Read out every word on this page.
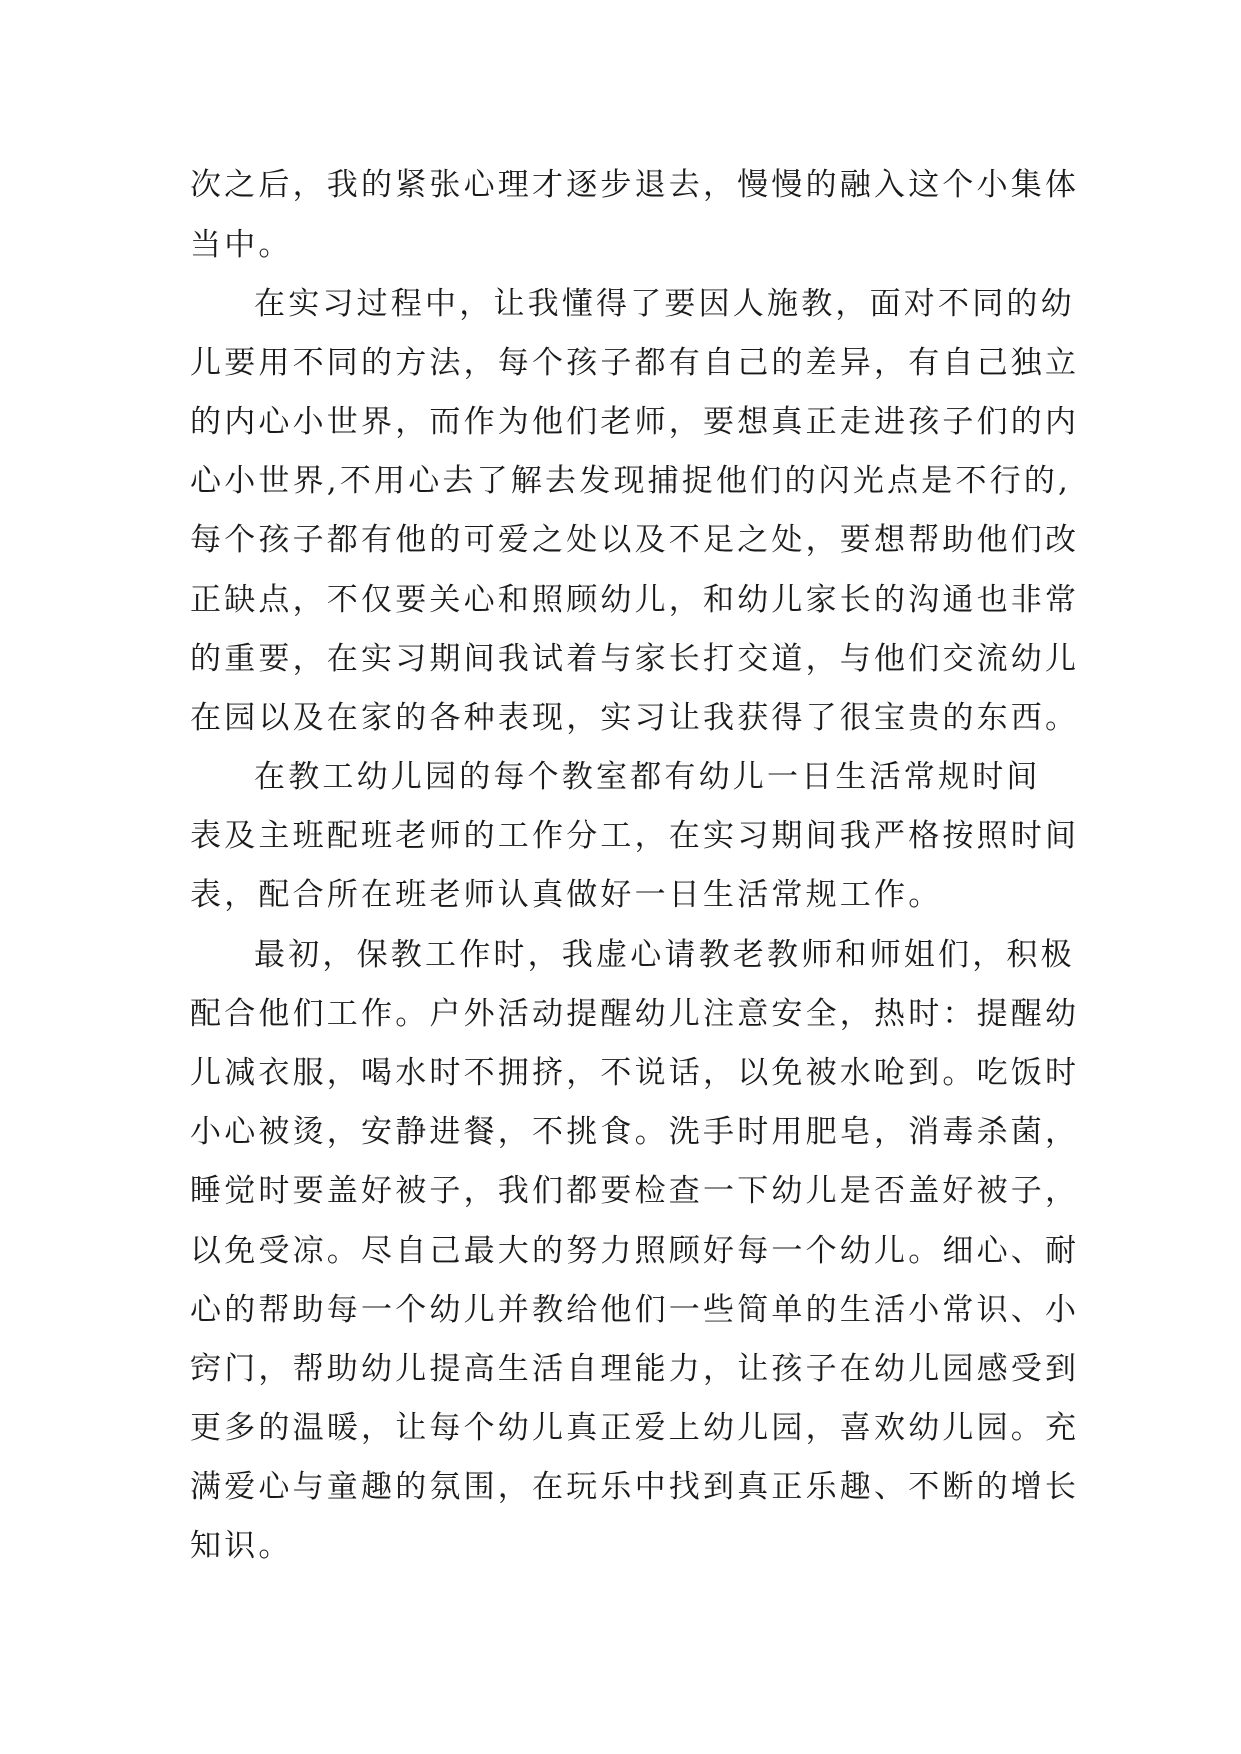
次之后，我的紧张心理才逐步退去，慢慢的融入这个小集体

当中。

在实习过程中，让我懂得了要因人施教，面对不同的幼

儿要用不同的方法，每个孩子都有自己的差异，有自己独立

的内心小世界，而作为他们老师，要想真正走进孩子们的内

心小世界,不用心去了解去发现捕捉他们的闪光点是不行的,

每个孩子都有他的可爱之处以及不足之处，要想帮助他们改

正缺点，不仅要关心和照顾幼儿，和幼儿家长的沟通也非常

的重要，在实习期间我试着与家长打交道，与他们交流幼儿

在园以及在家的各种表现，实习让我获得了很宝贵的东西。

在教工幼儿园的每个教室都有幼儿一日生活常规时间

表及主班配班老师的工作分工，在实习期间我严格按照时间

表，配合所在班老师认真做好一日生活常规工作。

最初，保教工作时，我虚心请教老教师和师姐们，积极

配合他们工作。户外活动提醒幼儿注意安全，热时：提醒幼

儿减衣服，喝水时不拥挤，不说话，以免被水呛到。吃饭时

小心被烫，安静进餐，不挑食。洗手时用肥皂，消毒杀菌，

睡觉时要盖好被子，我们都要检查一下幼儿是否盖好被子，

以免受凉。尽自己最大的努力照顾好每一个幼儿。细心、耐

心的帮助每一个幼儿并教给他们一些简单的生活小常识、小

窍门，帮助幼儿提高生活自理能力，让孩子在幼儿园感受到

更多的温暖，让每个幼儿真正爱上幼儿园，喜欢幼儿园。充

满爱心与童趣的氛围，在玩乐中找到真正乐趣、不断的增长

知识。
